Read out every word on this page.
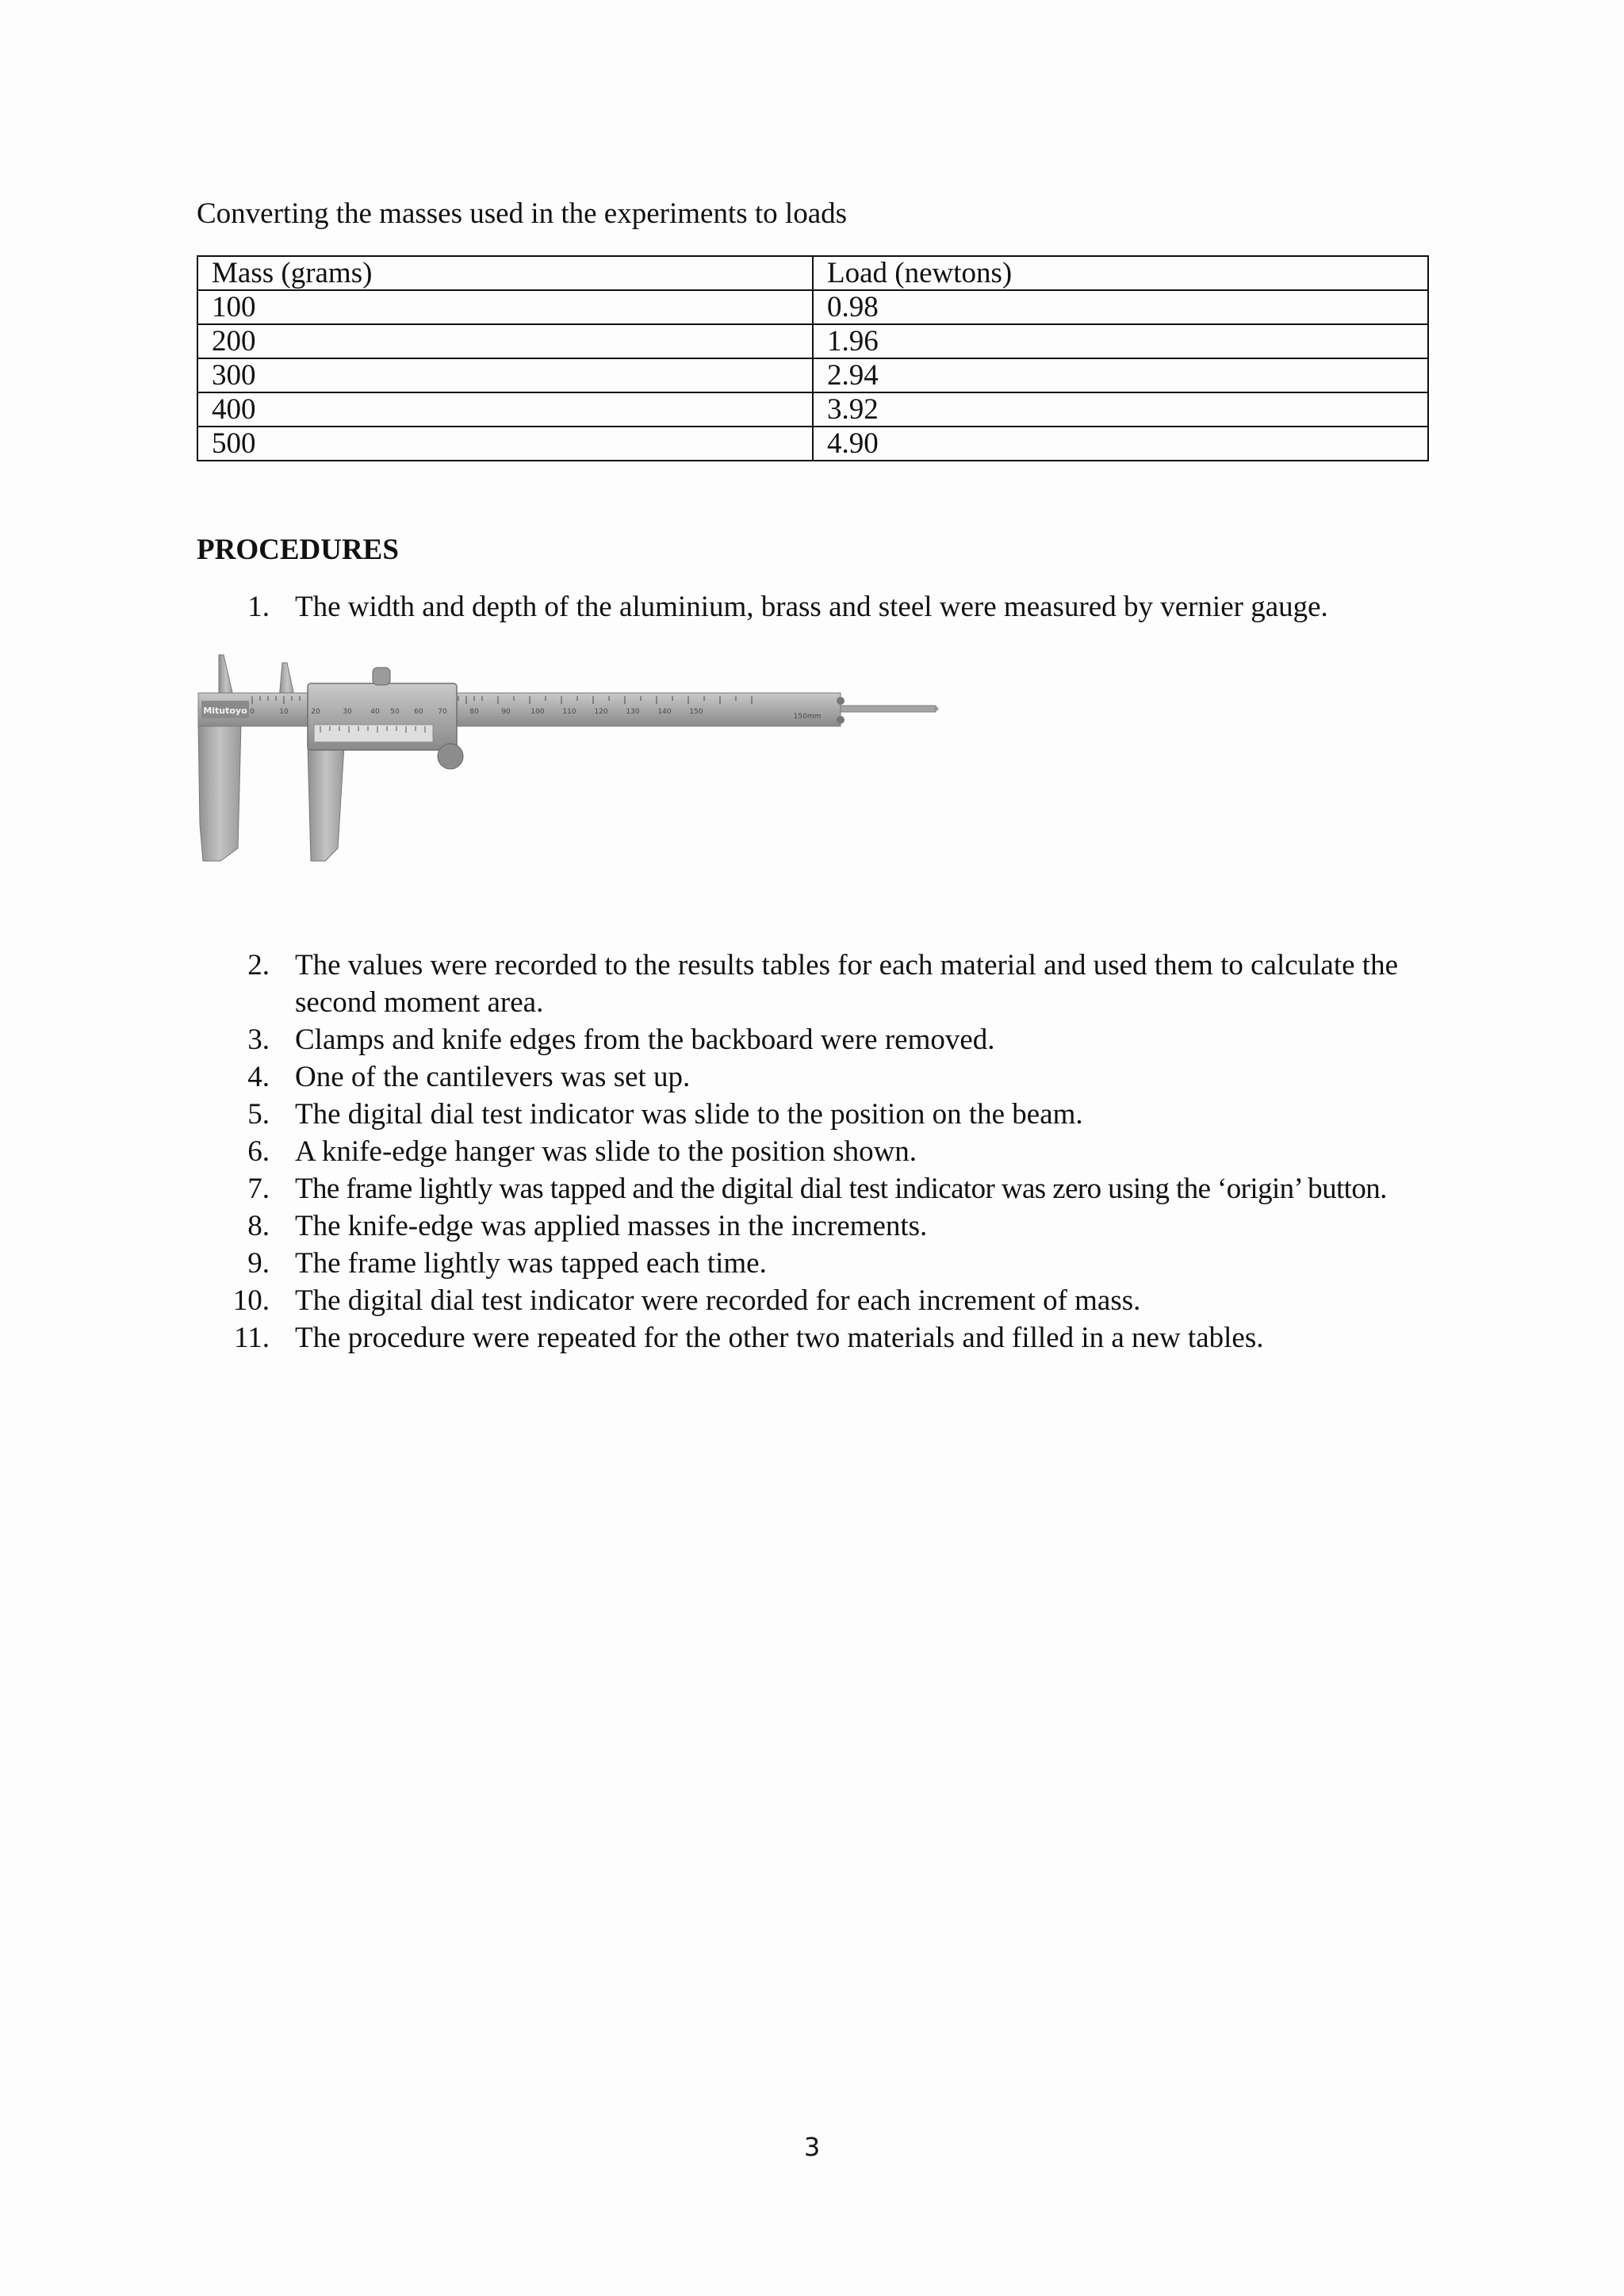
Converting the masses used in the experiments to loads

Mass (grams)	Load (newtons)
100	0.98
200	1.96
300	2.94
400	3.92
500	4.90
PROCEDURES
1. The width and depth of the aluminium, brass and steel were measured by vernier gauge.
Mitutoyo 0	10	20	30	40 50 60 70	80	90	100	110	120	130	140	150
150mm
2. The values were recorded to the results tables for each material and used them to calculate the second moment area.
3. Clamps and knife edges from the backboard were removed.
4. One of the cantilevers was set up.
5. The digital dial test indicator was slide to the position on the beam.
6. A knife-edge hanger was slide to the position shown.
7. The frame lightly was tapped and the digital dial test indicator was zero using the ‘origin’ button.
8. The knife-edge was applied masses in the increments.
9. The frame lightly was tapped each time.
10. The digital dial test indicator were recorded for each increment of mass.
11. The procedure were repeated for the other two materials and filled in a new tables.
3
